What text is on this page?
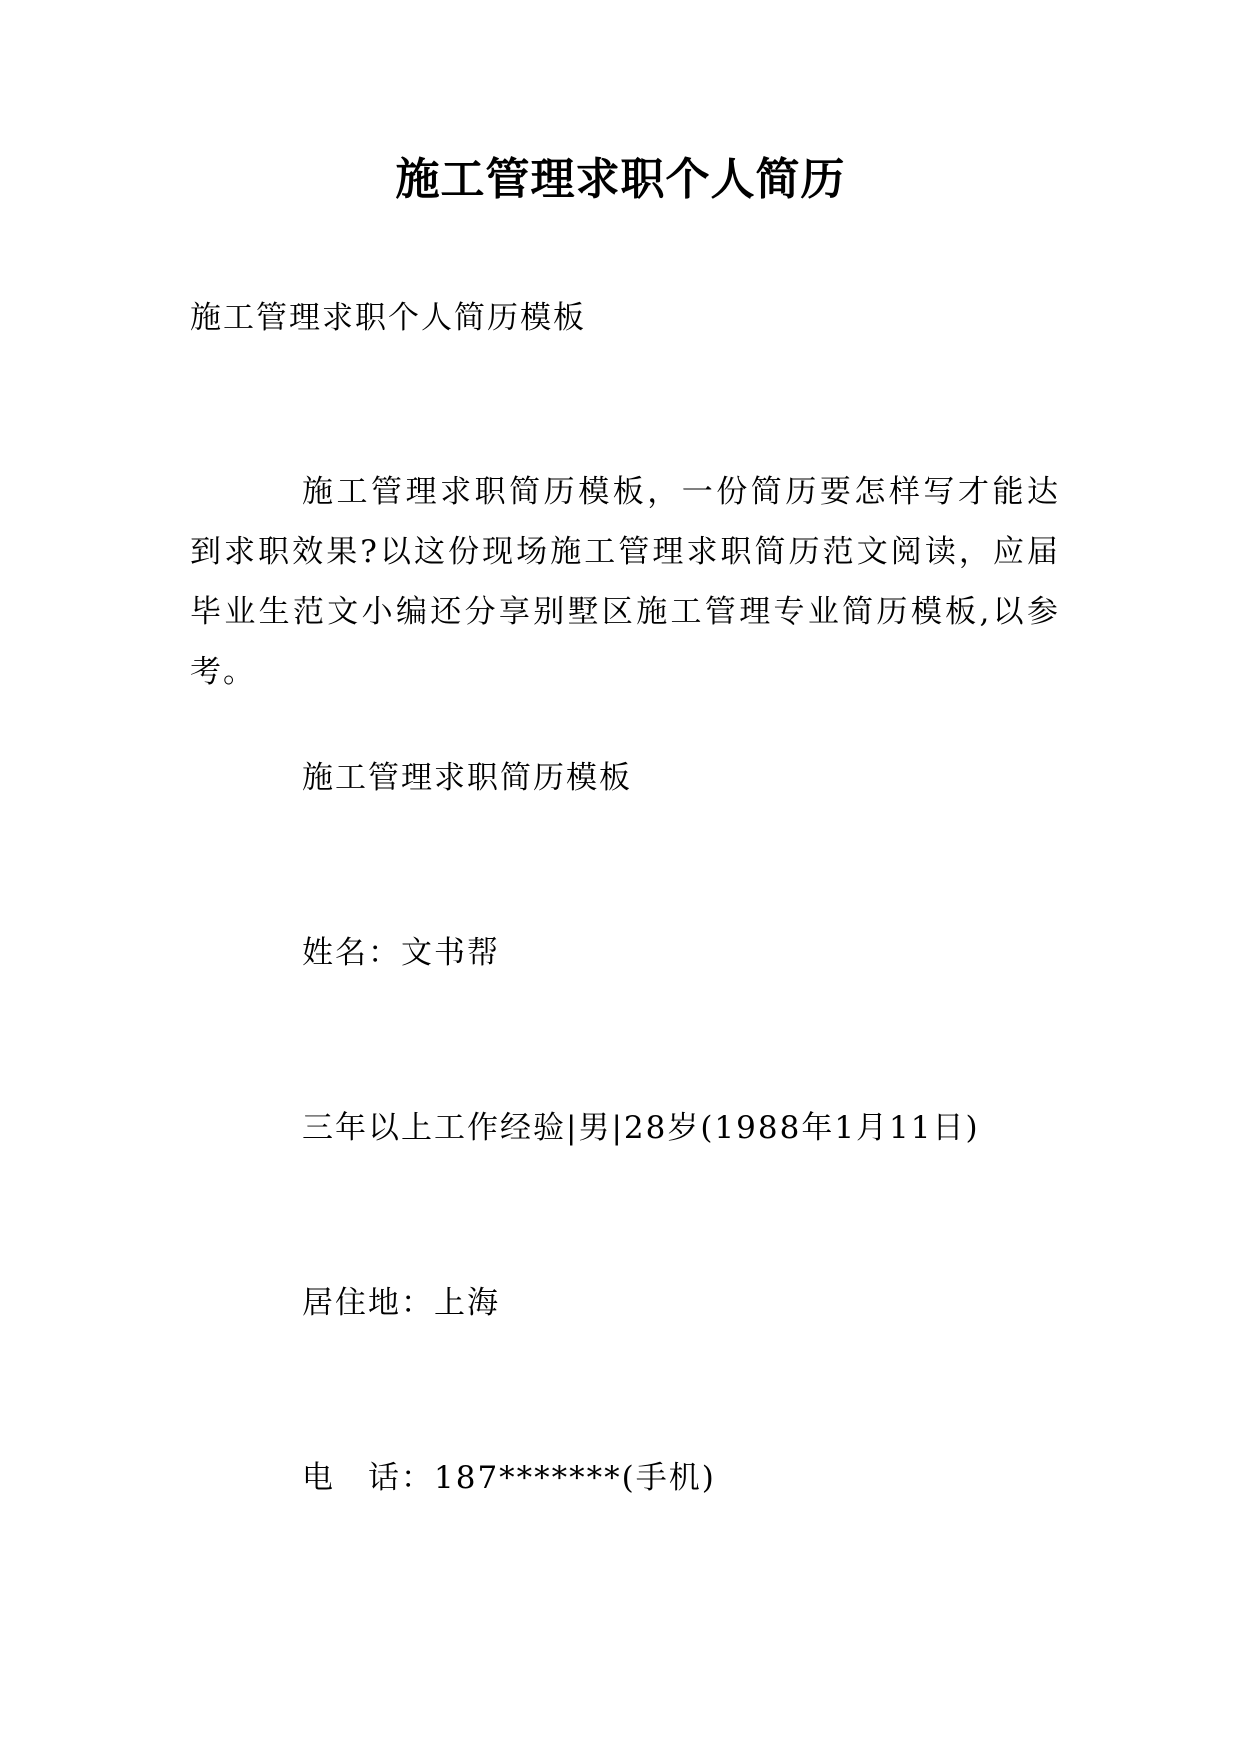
施工管理求职个人简历
施工管理求职个人简历模板
施工管理求职简历模板，一份简历要怎样写才能达到求职效果?以这份现场施工管理求职简历范文阅读，应届毕业生范文小编还分享别墅区施工管理专业简历模板,以参考。
施工管理求职简历模板
姓名：文书帮
三年以上工作经验|男|28岁(1988年1月11日)
居住地：上海
电　话：187*******(手机)
